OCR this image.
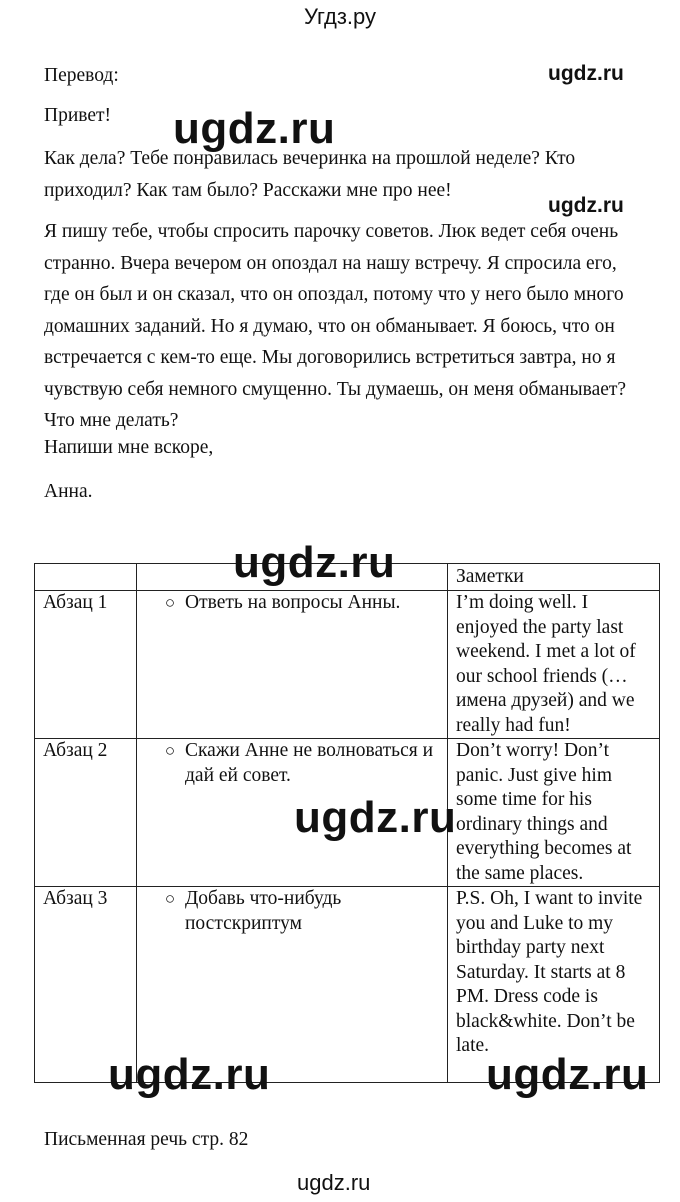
Угдз.ру
Перевод:	ugdz.ru
Привет! ugdz.ru
Как дела? Тебе понравилась вечеринка на прошлой неделе? Кто приходил? Как там было? Расскажи мне про нее!
ugdz.ru
Я пишу тебе, чтобы спросить парочку советов. Люк ведет себя очень странно. Вчера вечером он опоздал на нашу встречу. Я спросила его, где он был и он сказал, что он опоздал, потому что у него было много домашних заданий. Но я думаю, что он обманывает. Я боюсь, что он встречается с кем-то еще. Мы договорились встретиться завтра, но я чувствую себя немного смущенно. Ты думаешь, он меня обманывает? Что мне делать?
Напиши мне вскоре,
Анна.
		Заметки
Абзац 1	○ Ответь на вопросы Анны.	I’m doing well. I enjoyed the party last weekend. I met a lot of our school friends (… имена друзей) and we really had fun!
Абзац 2	○ Скажи Анне не волноваться и дай ей совет.	Don’t worry! Don’t panic. Just give him some time for his ordinary things and everything becomes at the same places.
Абзац 3	○ Добавь что-нибудь постскриптум	P.S. Oh, I want to invite you and Luke to my birthday party next Saturday. It starts at 8 PM. Dress code is black&white. Don’t be late.
ugdz.ru
ugdz.ru
ugdz.ru	ugdz.ru
Письменная речь стр. 82
ugdz.ru
